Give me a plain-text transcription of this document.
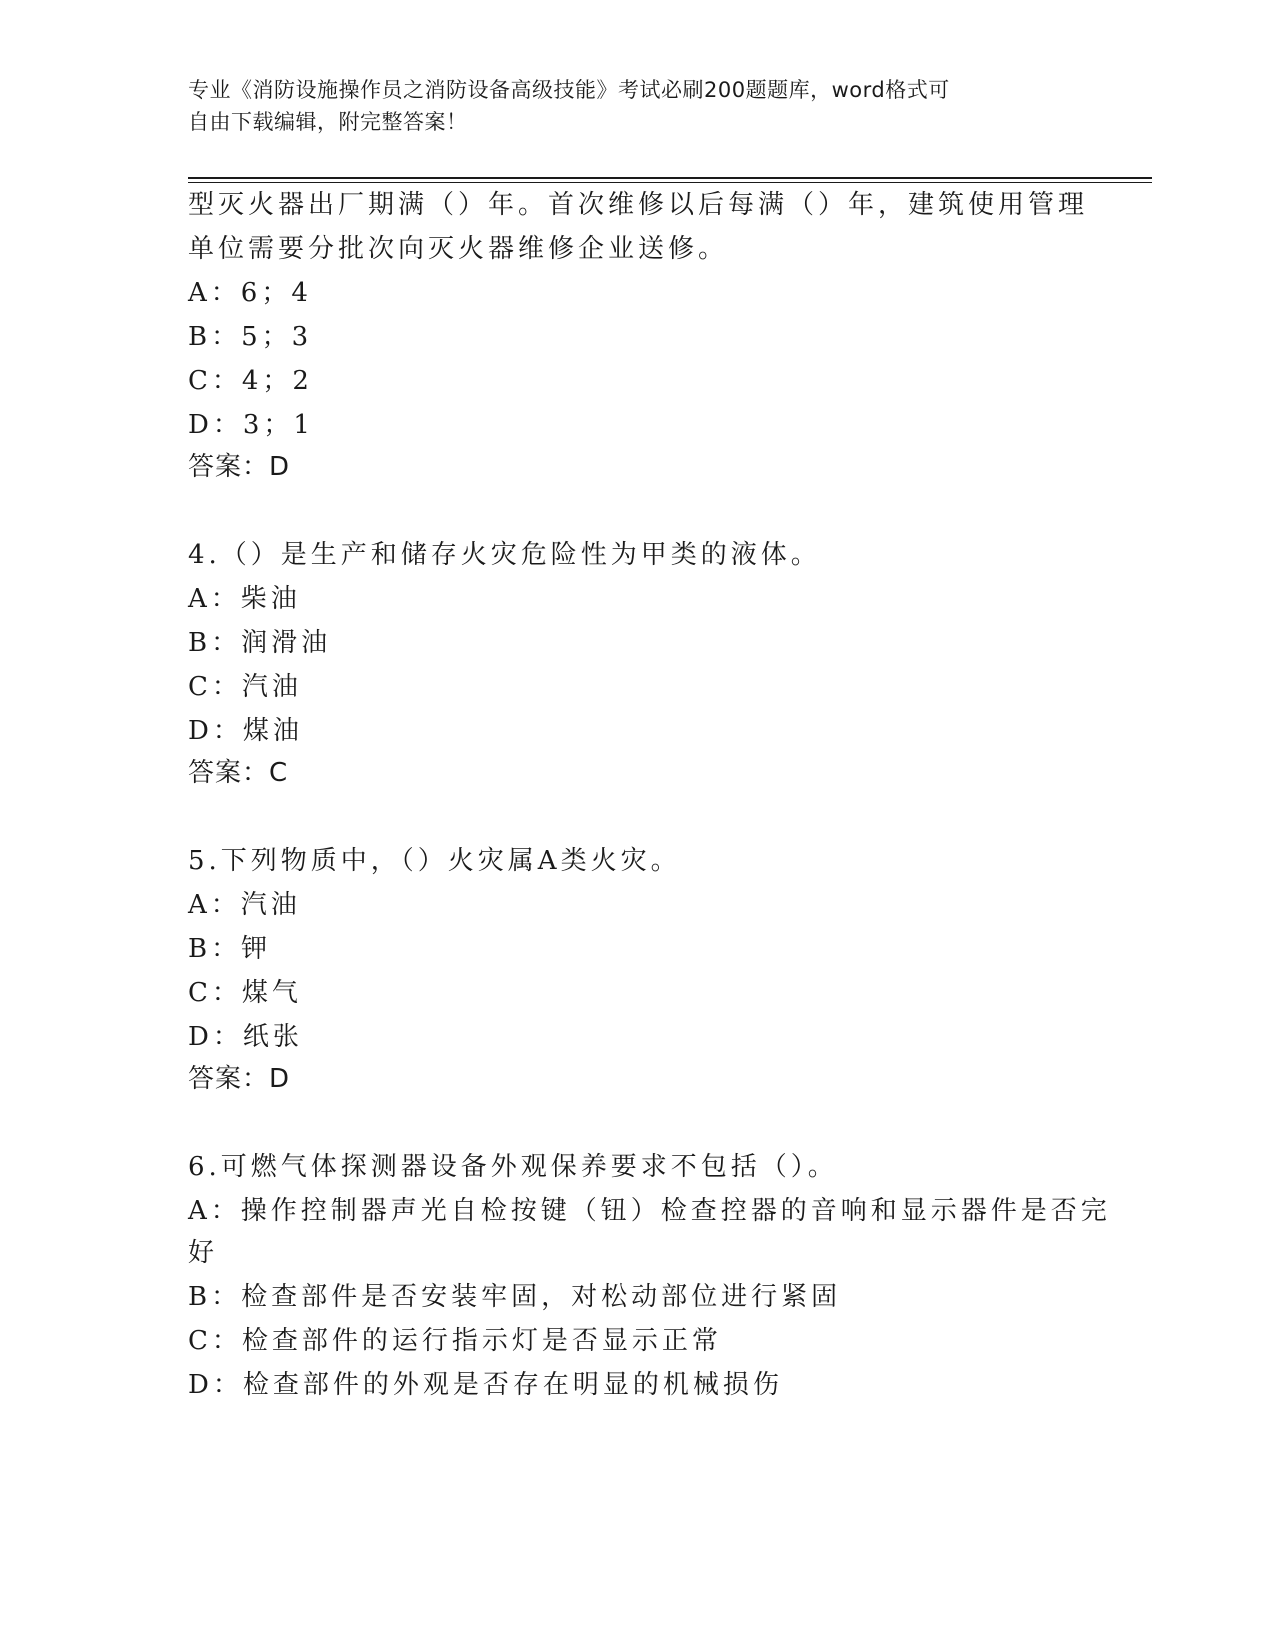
专业《消防设施操作员之消防设备高级技能》考试必刷200题题库，word格式可
自由下载编辑，附完整答案！
型灭火器出厂期满（）年。首次维修以后每满（）年，建筑使用管理
单位需要分批次向灭火器维修企业送修。
A：6；4
B：5；3
C：4；2
D：3；1
答案：D
4.（）是生产和储存火灾危险性为甲类的液体。
A：柴油
B：润滑油
C：汽油
D：煤油
答案：C
5.下列物质中，（）火灾属A类火灾。
A：汽油
B：钾
C：煤气
D：纸张
答案：D
6.可燃气体探测器设备外观保养要求不包括（）。
A：操作控制器声光自检按键（钮）检查控器的音响和显示器件是否完
好
B：检查部件是否安装牢固，对松动部位进行紧固
C：检查部件的运行指示灯是否显示正常
D：检查部件的外观是否存在明显的机械损伤
